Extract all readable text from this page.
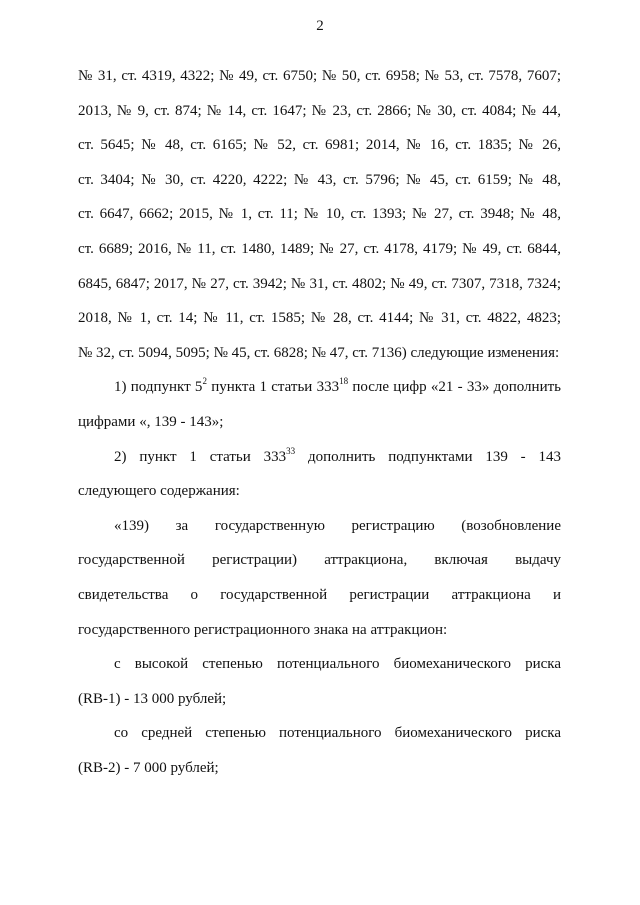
2
№ 31, ст. 4319, 4322; № 49, ст. 6750; № 50, ст. 6958; № 53, ст. 7578, 7607;
2013, № 9, ст. 874; № 14, ст. 1647; № 23, ст. 2866; № 30, ст. 4084; № 44,
ст. 5645; № 48, ст. 6165; № 52, ст. 6981; 2014, № 16, ст. 1835; № 26,
ст. 3404; № 30, ст. 4220, 4222; № 43, ст. 5796; № 45, ст. 6159; № 48,
ст. 6647, 6662; 2015, № 1, ст. 11; № 10, ст. 1393; № 27, ст. 3948; № 48,
ст. 6689; 2016, № 11, ст. 1480, 1489; № 27, ст. 4178, 4179; № 49, ст. 6844,
6845, 6847; 2017, № 27, ст. 3942; № 31, ст. 4802; № 49, ст. 7307, 7318, 7324;
2018, № 1, ст. 14; № 11, ст. 1585; № 28, ст. 4144; № 31, ст. 4822, 4823;
№ 32, ст. 5094, 5095; № 45, ст. 6828; № 47, ст. 7136) следующие изменения:
1) подпункт $5^2$ пункта 1 статьи $333^{18}$ после цифр «21 - 33» дополнить
цифрами «, 139 - 143»;
2) пункт 1 статьи $333^{33}$ дополнить подпунктами 139 - 143
следующего содержания:
«139) за государственную регистрацию (возобновление
государственной регистрации) аттракциона, включая выдачу
свидетельства о государственной регистрации аттракциона и
государственного регистрационного знака на аттракцион:
с высокой степенью потенциального биомеханического риска
(RB-1) - 13 000 рублей;
со средней степенью потенциального биомеханического риска
(RB-2) - 7 000 рублей;
